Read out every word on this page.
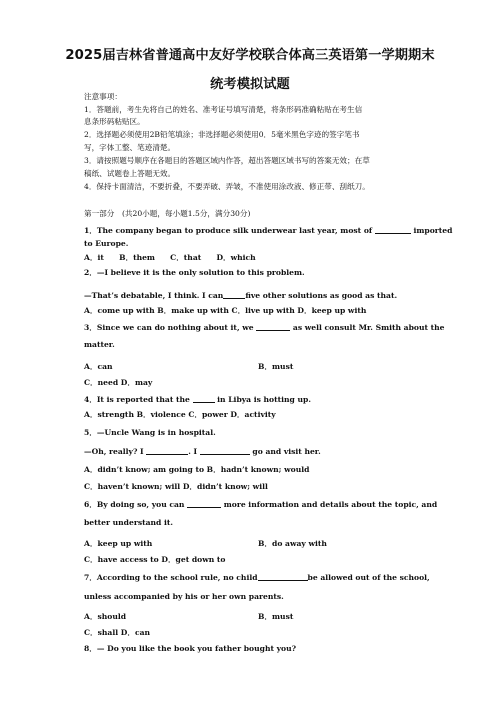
2025届吉林省普通高中友好学校联合体高三英语第一学期期末
统考模拟试题
注意事项：
1．答题前，考生先将自己的姓名、准考证号填写清楚，将条形码准确粘贴在考生信
息条形码粘贴区。
2．选择题必须使用2B铅笔填涂；非选择题必须使用0．5毫米黑色字迹的签字笔书
写，字体工整、笔迹清楚。
3．请按照题号顺序在各题目的答题区域内作答，超出答题区域书写的答案无效；在草
稿纸、试题卷上答题无效。
4．保持卡面清洁，不要折叠，不要弄破、弄皱，不准使用涂改液、修正带、刮纸刀。
第一部分　(共20小题，每小题1.5分，满分30分)
1．The company began to produce silk underwear last year, most of	imported
to Europe.
A．it　　B．them　　C．that　　D．which
2．—I believe it is the only solution to this problem.
—That’s debatable, I think. I can	five other solutions as good as that.
A．come up with B．make up with C．live up with D．keep up with
3．Since we can do nothing about it, we	as well consult Mr. Smith about the
matter.
A．can	B．must
C．need D．may
4．It is reported that the	in Libya is hotting up.
A．strength B．violence C．power D．activity
5．—Uncle Wang is in hospital.
—Oh, really? I	. I	go and visit her.
A．didn’t know; am going to B．hadn’t known; would
C．haven’t known; will D．didn’t know; will
6．By doing so, you can	more information and details about the topic, and
better understand it.
A．keep up with	B．do away with
C．have access to D．get down to
7．According to the school rule, no child	be allowed out of the school,
unless accompanied by his or her own parents.
A．should	B．must
C．shall D．can
8．— Do you like the book you father bought you?
